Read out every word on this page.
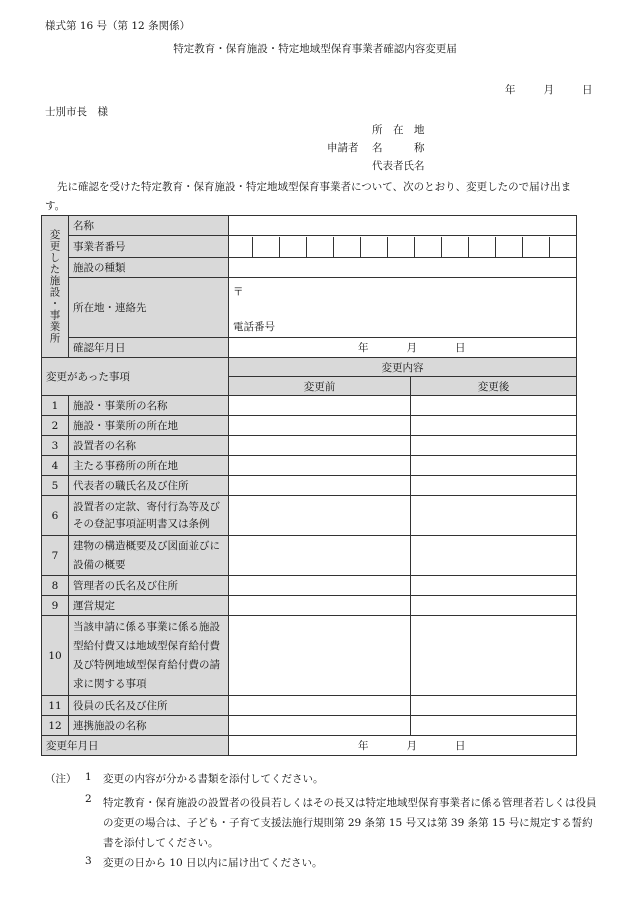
様式第 16 号（第 12 条関係）
特定教育・保育施設・特定地域型保育事業者確認内容変更届
年	月	日
士別市長　様
所　在　地
申請者 名　　　称
代表者氏名
先に確認を受けた特定教育・保育施設・特定地域型保育事業者について、次のとおり、変更したので届け出ます。
変更した施設・事業所	名称		
	事業者番号		

	施設の種類		
	所在地・連絡先	〒
電話番号	

	確認年月日	年 月 日	

変更があった事項		変更内容	
		変更前	変更後
1	施設・事業所の名称		
2	施設・事業所の所在地		
3	設置者の名称		
4	主たる事務所の所在地		
5	代表者の職氏名及び住所		
6	設置者の定款、寄付行為等及びその登記事項証明書又は条例		
7	建物の構造概要及び図面並びに設備の概要		
8	管理者の氏名及び住所		
9	運営規定		
10	当該申請に係る事業に係る施設型給付費又は地域型保育給付費及び特例地域型保育給付費の請求に関する事項		
11	役員の氏名及び住所		
12	連携施設の名称		
変更年月日		年 月 日	
（注） 1 変更の内容が分かる書類を添付してください。
2 特定教育・保育施設の設置者の役員若しくはその長又は特定地域型保育事業者に係る管理者若しくは役員の変更の場合は、子ども・子育て支援法施行規則第 29 条第 15 号又は第 39 条第 15 号に規定する誓約書を添付してください。
3 変更の日から 10 日以内に届け出てください。
